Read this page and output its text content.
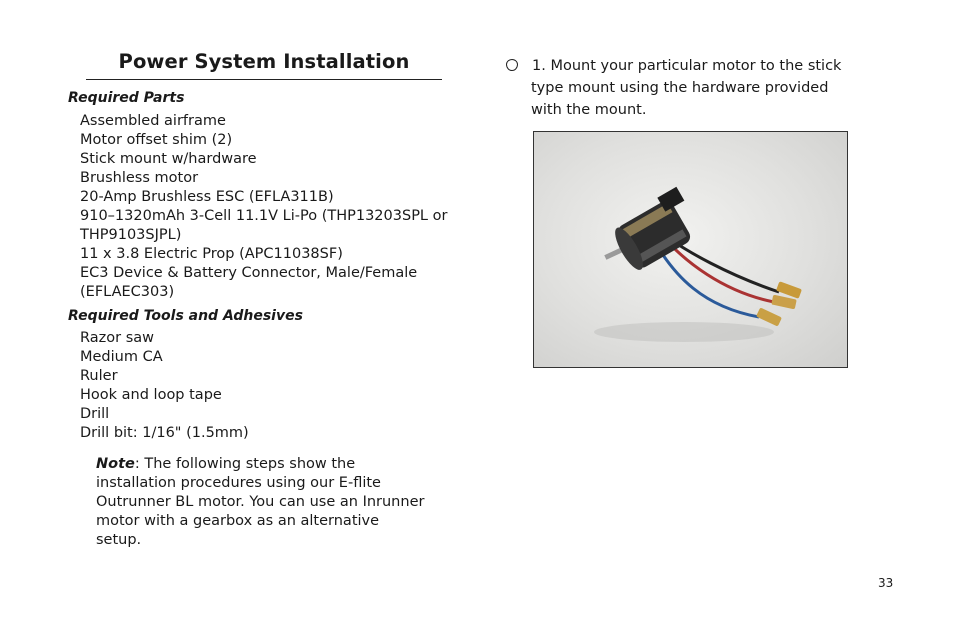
Power System Installation
Required Parts
Assembled airframe
Motor offset shim (2)
Stick mount w/hardware
Brushless motor
20-Amp Brushless ESC (EFLA311B)
910–1320mAh 3-Cell 11.1V Li-Po (THP13203SPL or
THP9103SJPL)
11 x 3.8 Electric Prop (APC11038SF)
EC3 Device & Battery Connector, Male/Female
(EFLAEC303)
Required Tools and Adhesives
Razor saw
Medium CA
Ruler
Hook and loop tape
Drill
Drill bit: 1/16" (1.5mm)
Note: The following steps show the installation procedures using our E-flite Outrunner BL motor. You can use an Inrunner motor with a gearbox as an alternative setup.
1. Mount your particular motor to the stick
type mount using the hardware provided with the mount.
33
